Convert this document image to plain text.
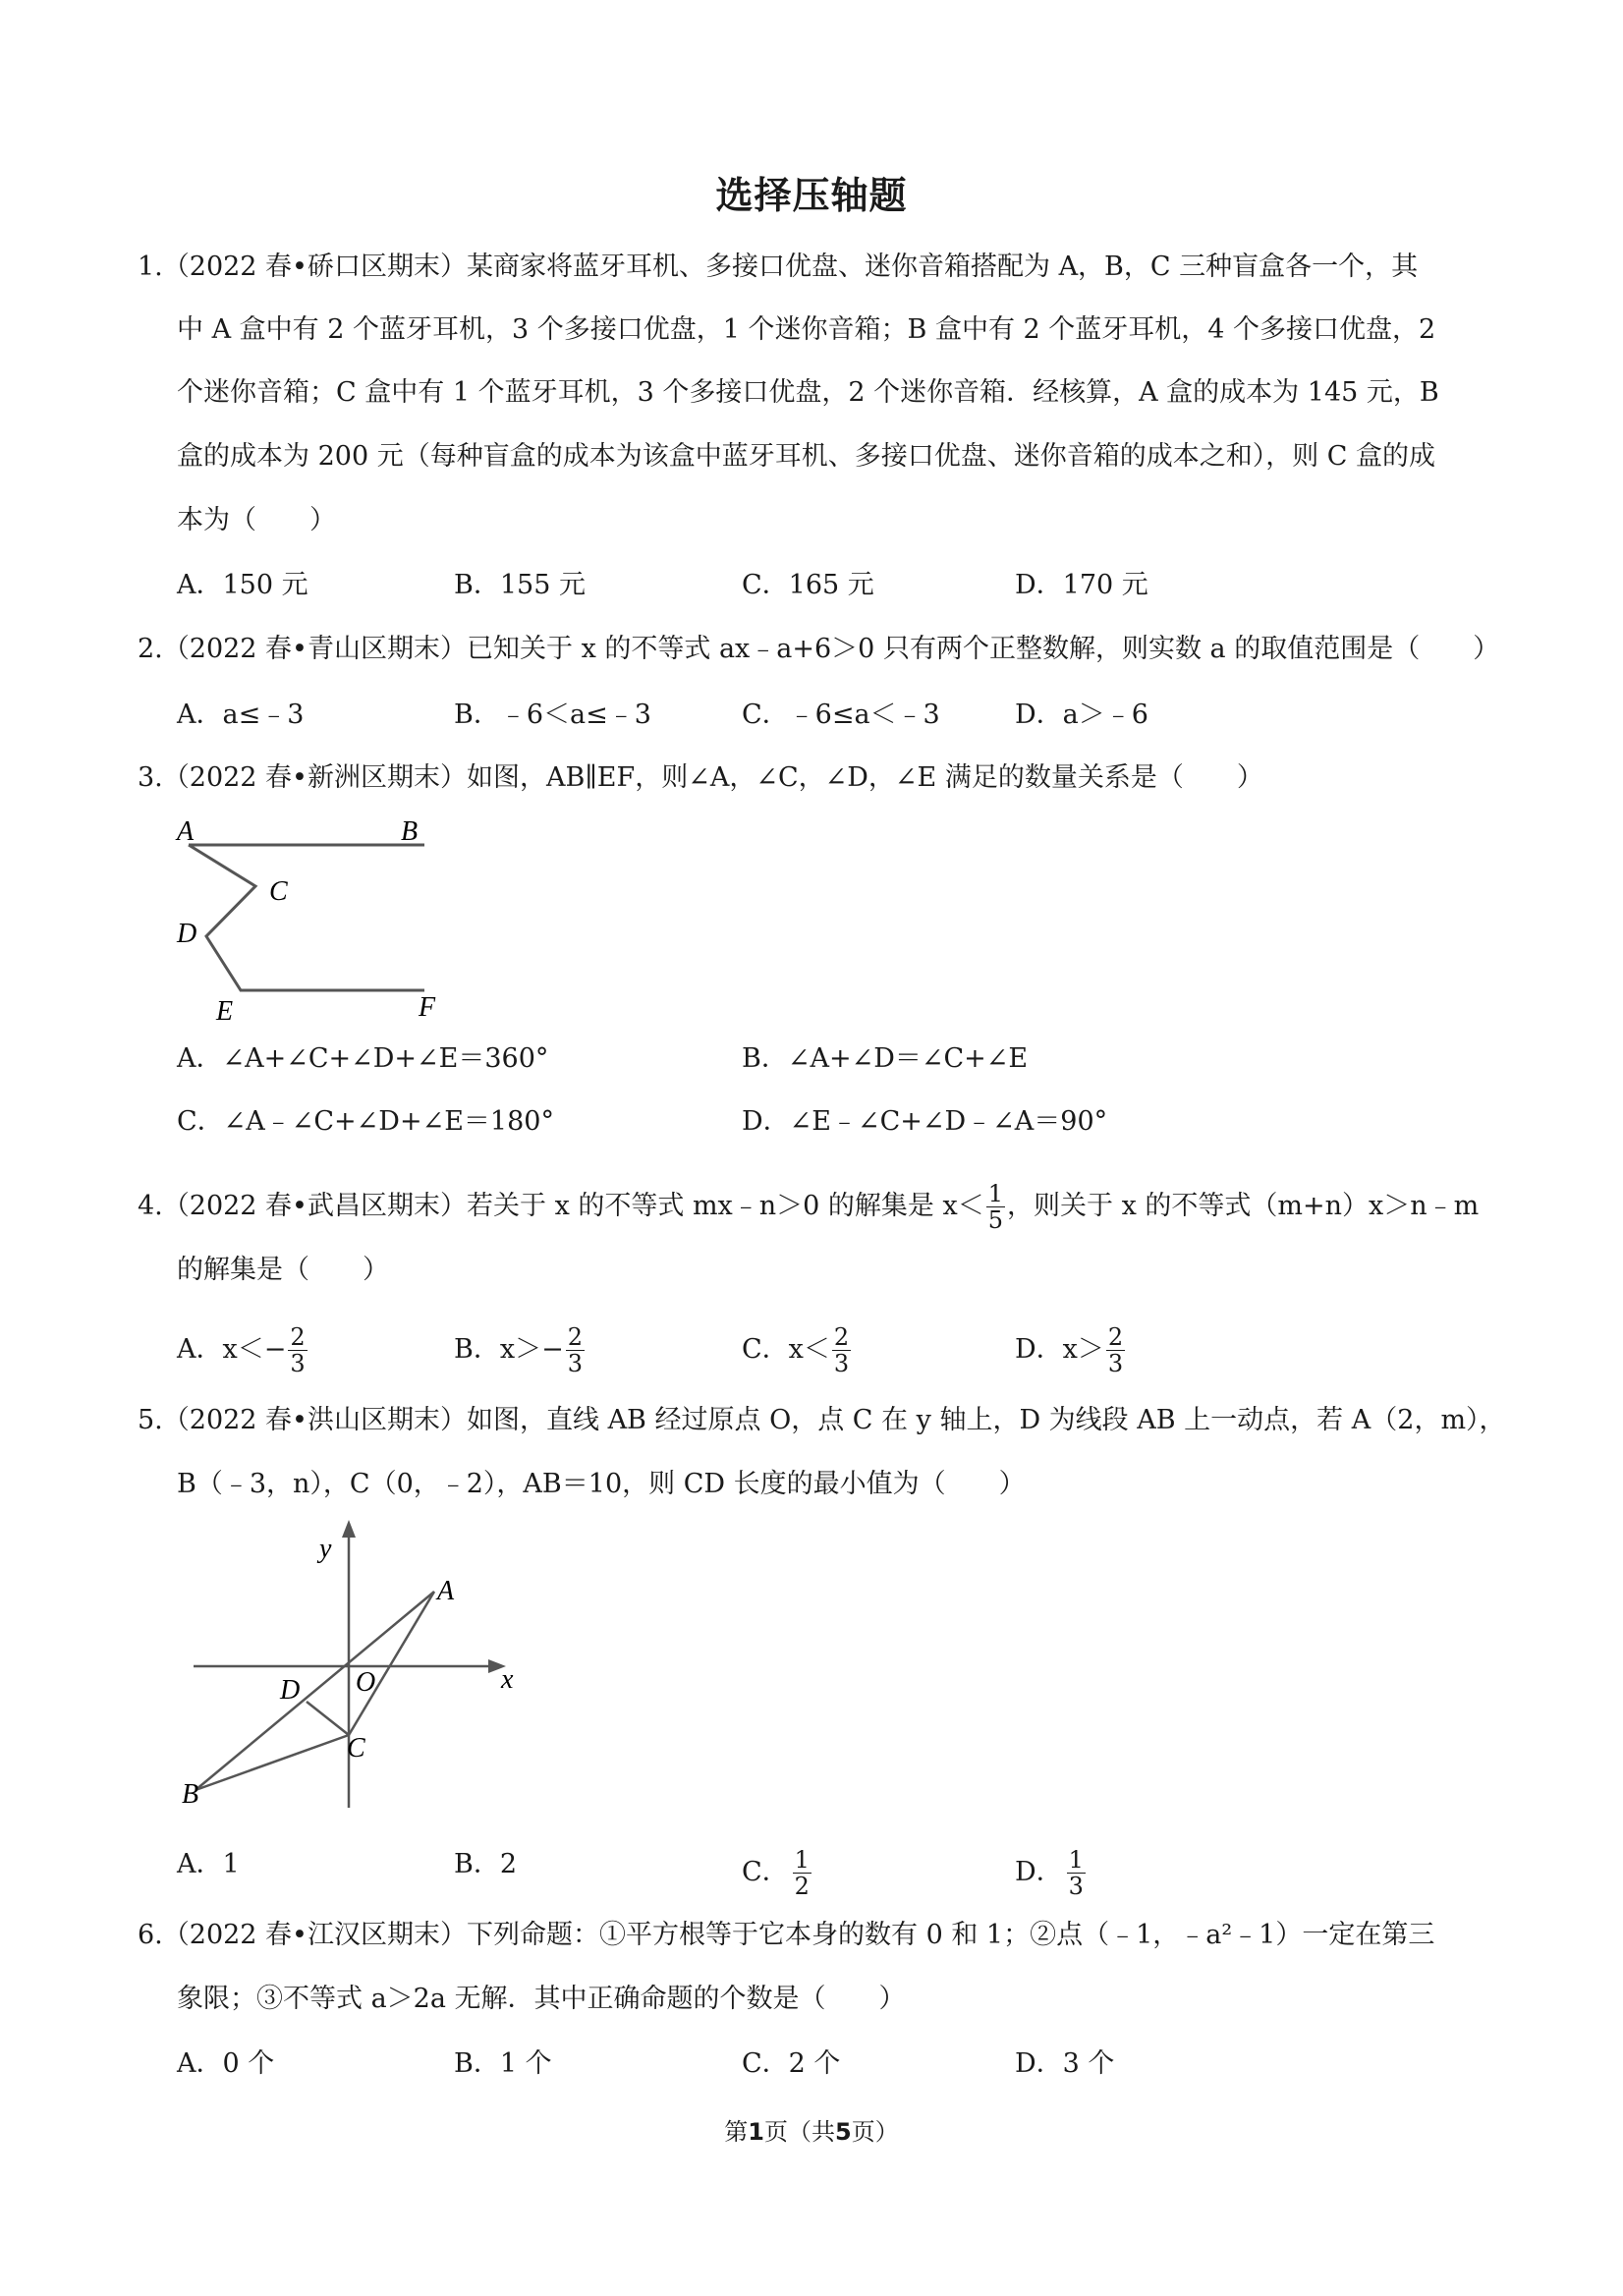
选择压轴题
1.（2022 春•硚口区期末）某商家将蓝牙耳机、多接口优盘、迷你音箱搭配为 A，B，C 三种盲盒各一个，其
中 A 盒中有 2 个蓝牙耳机，3 个多接口优盘，1 个迷你音箱；B 盒中有 2 个蓝牙耳机，4 个多接口优盘，2
个迷你音箱；C 盒中有 1 个蓝牙耳机，3 个多接口优盘，2 个迷你音箱．经核算，A 盒的成本为 145 元，B
盒的成本为 200 元（每种盲盒的成本为该盒中蓝牙耳机、多接口优盘、迷你音箱的成本之和），则 C 盒的成
本为（　　）
A．150 元	B．155 元	C．165 元	D．170 元
2.（2022 春•青山区期末）已知关于 x 的不等式 ax﹣a+6＞0 只有两个正整数解，则实数 a 的取值范围是（　　）
A．a≤﹣3	B．﹣6＜a≤﹣3	C．﹣6≤a＜﹣3	D．a＞﹣6
3.（2022 春•新洲区期末）如图，AB∥EF，则∠A，∠C，∠D，∠E 满足的数量关系是（　　）
A	B
C
D
E	F
A．∠A+∠C+∠D+∠E＝360°	B．∠A+∠D＝∠C+∠E
C．∠A﹣∠C+∠D+∠E＝180°	D．∠E﹣∠C+∠D﹣∠A＝90°
4.（2022 春•武昌区期末）若关于 x 的不等式 mx﹣n＞0 的解集是 $x< \frac{1}{5}$ ，则关于 x 的不等式（m+n）x＞n﹣m
的解集是（　　）
A．$x<- \frac{2}{3}$	B．$x>- \frac{2}{3}$	C．$x< \frac{2}{3}$	D．$x> \frac{2}{3}$
5.（2022 春•洪山区期末）如图，直线 AB 经过原点 O，点 C 在 y 轴上，D 为线段 AB 上一动点，若 A（2，m），
B（﹣3，n），C（0，﹣2），AB＝10，则 CD 长度的最小值为（　　）
y
x
A
O
D
C
B
A．1	B．2	C． $\frac{1}{2}$	D． $\frac{1}{3}$
6.（2022 春•江汉区期末）下列命题：①平方根等于它本身的数有 0 和 1；②点（﹣1，﹣a²﹣1）一定在第三
象限；③不等式 a＞2a 无解．其中正确命题的个数是（　　）
A．0 个	B．1 个	C．2 个	D．3 个
第1页（共5页）
